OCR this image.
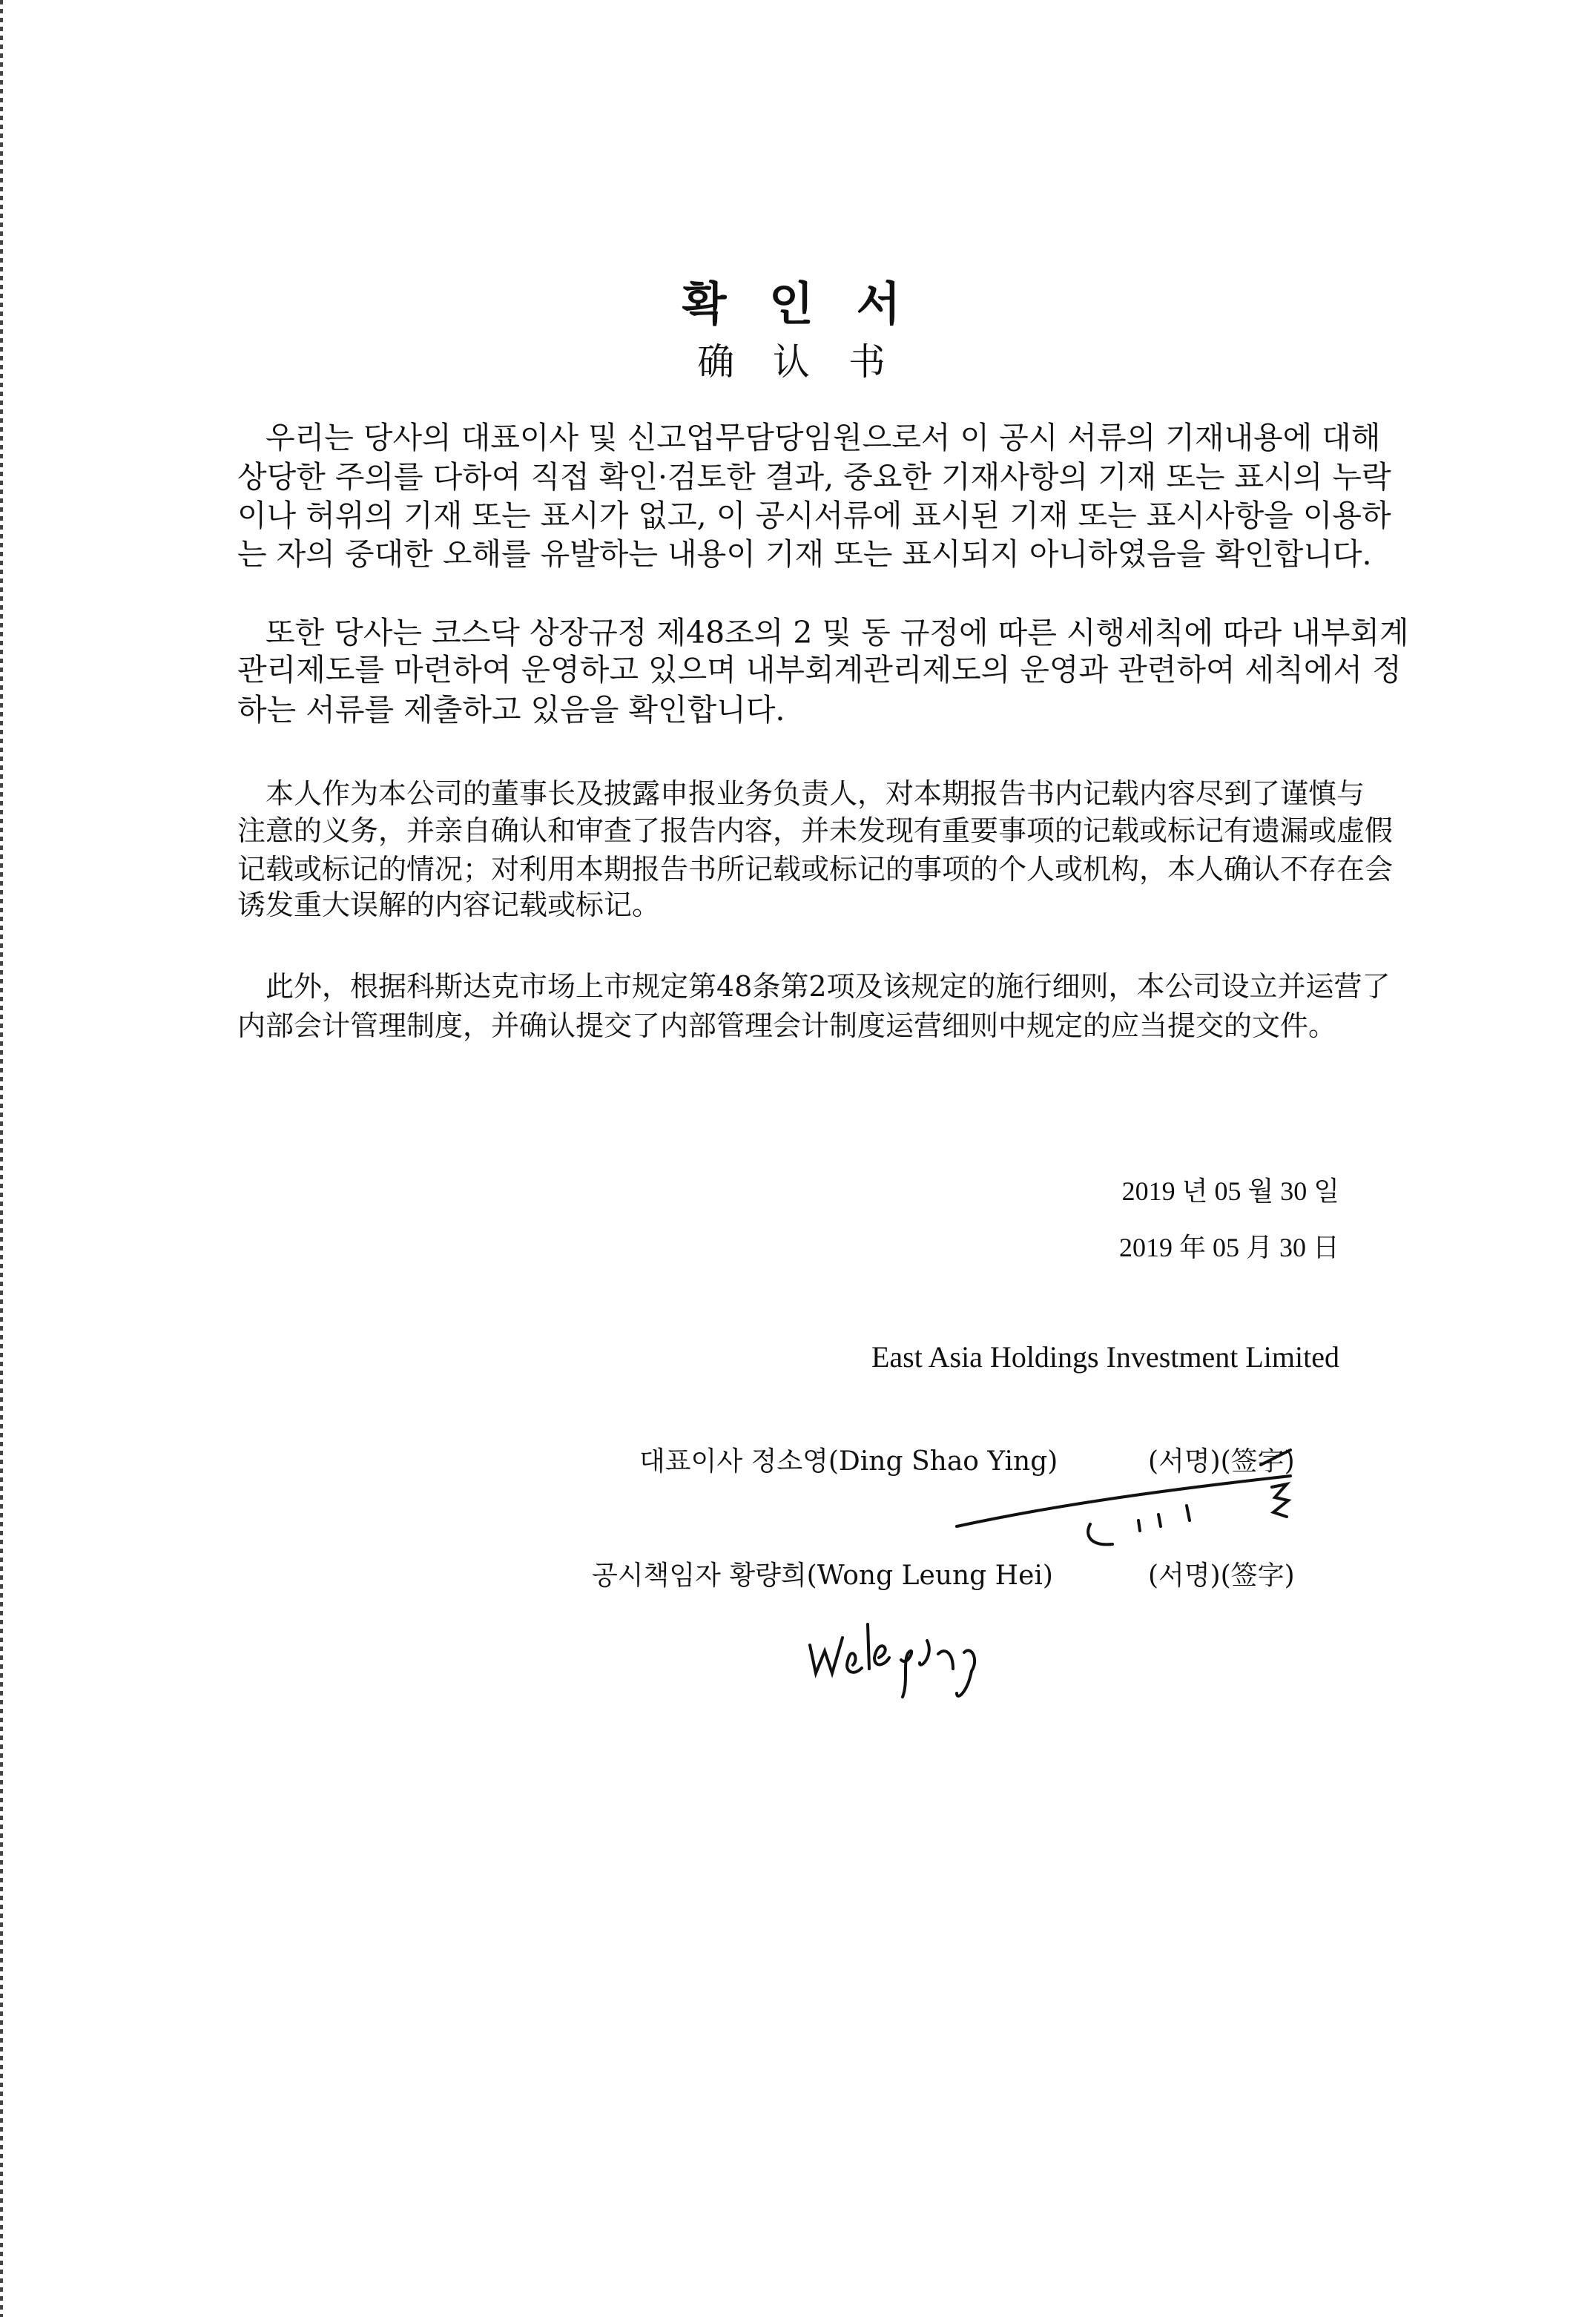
확 인 서
确 认 书
우리는 당사의 대표이사 및 신고업무담당임원으로서 이 공시 서류의 기재내용에 대해
상당한 주의를 다하여 직접 확인·검토한 결과, 중요한 기재사항의 기재 또는 표시의 누락
이나 허위의 기재 또는 표시가 없고, 이 공시서류에 표시된 기재 또는 표시사항을 이용하
는 자의 중대한 오해를 유발하는 내용이 기재 또는 표시되지 아니하였음을 확인합니다.
또한 당사는 코스닥 상장규정 제48조의 2 및 동 규정에 따른 시행세칙에 따라 내부회계
관리제도를 마련하여 운영하고 있으며 내부회계관리제도의 운영과 관련하여 세칙에서 정
하는 서류를 제출하고 있음을 확인합니다.
本人作为本公司的董事长及披露申报业务负责人，对本期报告书内记载内容尽到了谨慎与
注意的义务，并亲自确认和审查了报告内容，并未发现有重要事项的记载或标记有遗漏或虚假
记载或标记的情况；对利用本期报告书所记载或标记的事项的个人或机构，本人确认不存在会
诱发重大误解的内容记载或标记。
此外，根据科斯达克市场上市规定第48条第2项及该规定的施行细则，本公司设立并运营了
内部会计管理制度，并确认提交了内部管理会计制度运营细则中规定的应当提交的文件。
2019 년 05 월 30 일
2019 年 05 月 30 日
East Asia Holdings Investment Limited
대표이사 정소영(Ding Shao Ying)	(서명)(签字)
공시책임자 황량희(Wong Leung Hei)	(서명)(签字)
